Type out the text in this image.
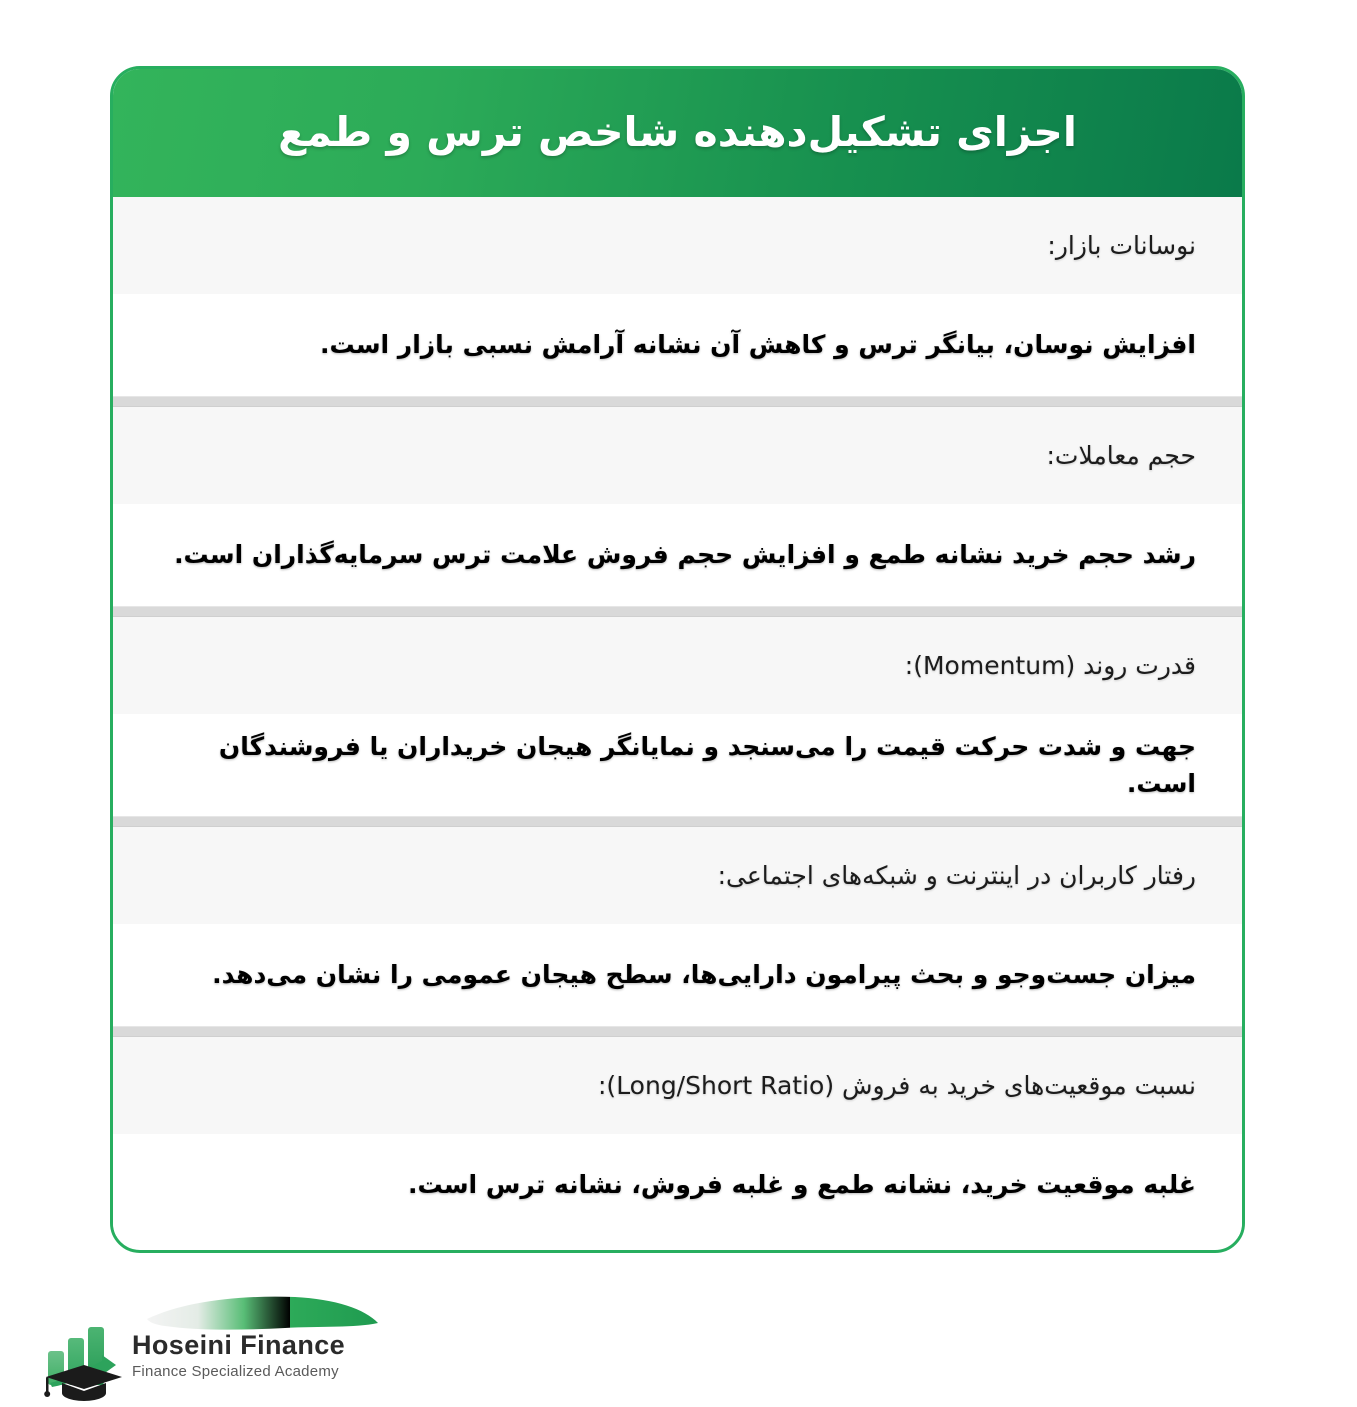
اجزای تشکیل‌دهنده شاخص ترس و طمع
نوسانات بازار:
افزایش نوسان، بیانگر ترس و کاهش آن نشانه آرامش نسبی بازار است.
حجم معاملات:
رشد حجم خرید نشانه طمع و افزایش حجم فروش علامت ترس سرمایه‌گذاران است.
قدرت روند (Momentum):
جهت و شدت حرکت قیمت را می‌سنجد و نمایانگر هیجان خریداران یا فروشندگان است.
رفتار کاربران در اینترنت و شبکه‌های اجتماعی:
میزان جست‌وجو و بحث پیرامون دارایی‌ها، سطح هیجان عمومی را نشان می‌دهد.
نسبت موقعیت‌های خرید به فروش (Long/Short Ratio):
غلبه موقعیت خرید، نشانه طمع و غلبه فروش، نشانه ترس است.
Hoseini Finance
Finance Specialized Academy
